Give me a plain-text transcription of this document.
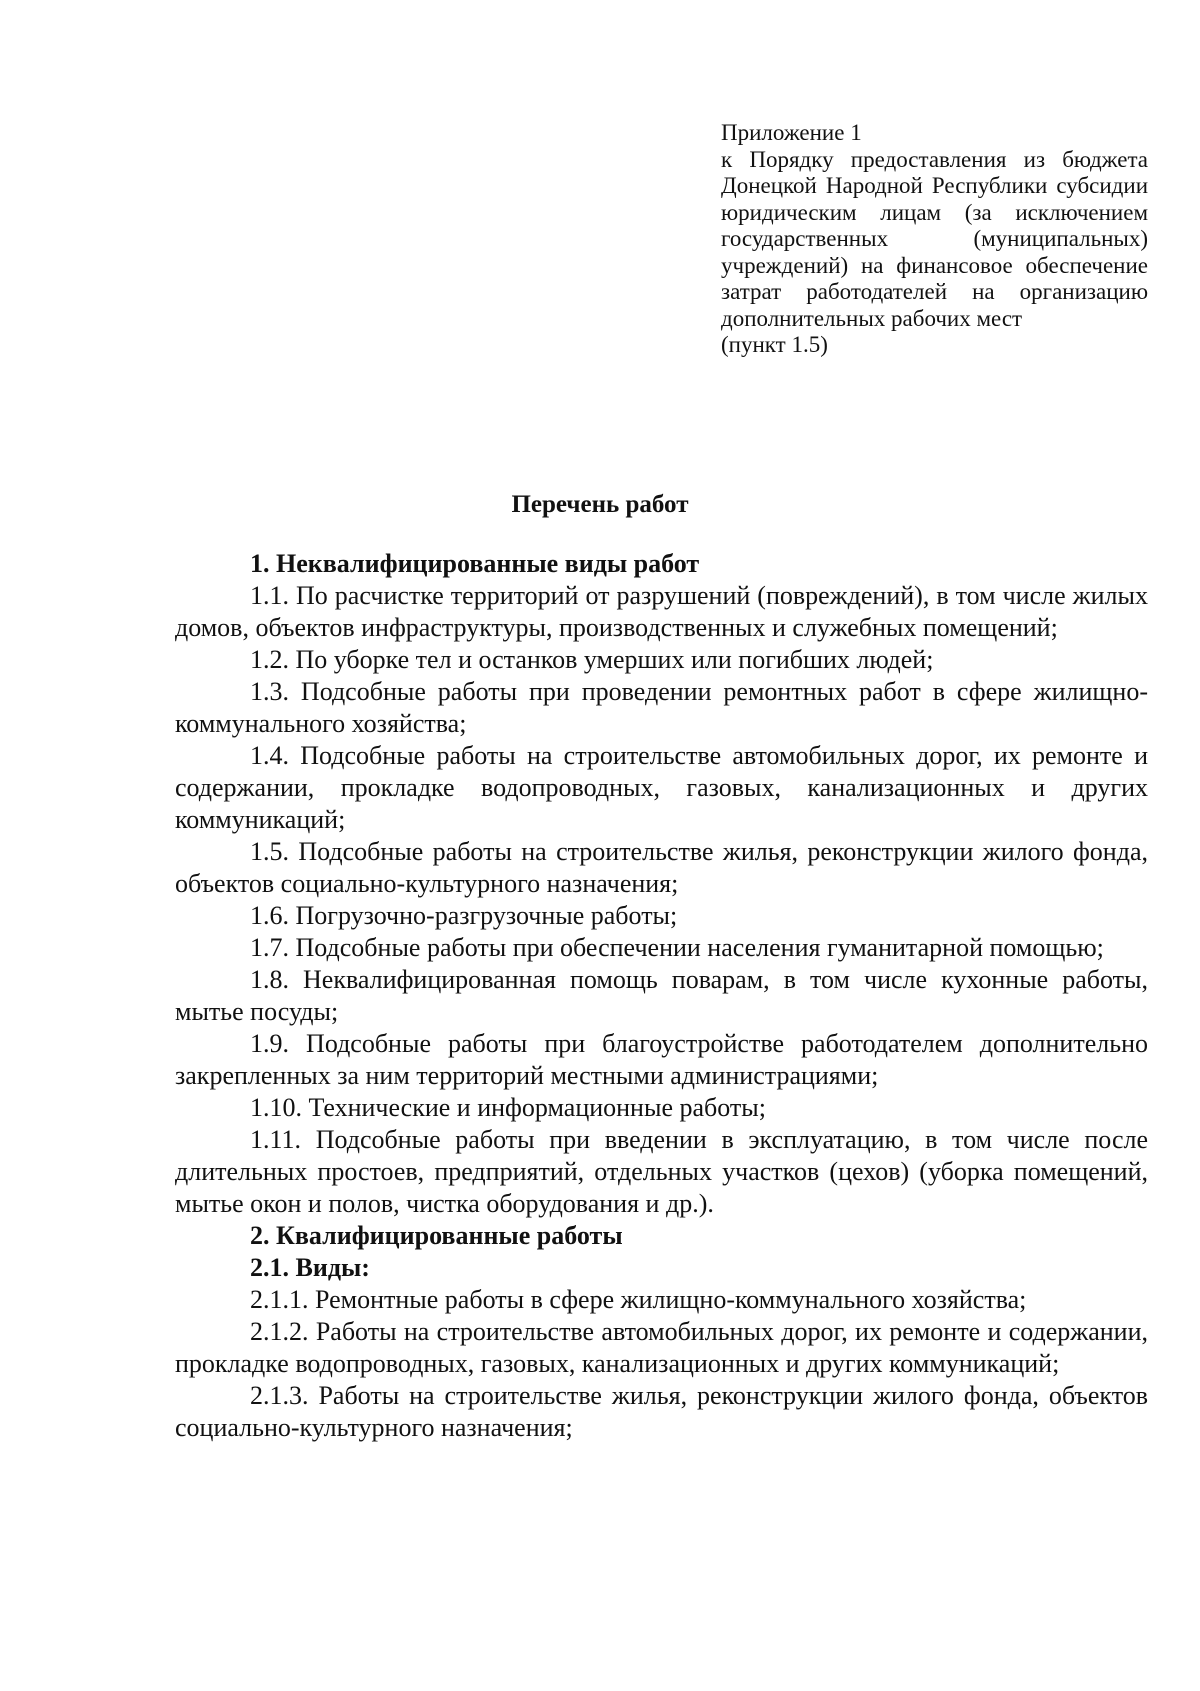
Приложение 1
к Порядку предоставления из бюджета Донецкой Народной Республики субсидии юридическим лицам (за исключением государственных (муниципальных) учреждений) на финансовое обеспечение затрат работодателей на организацию
дополнительных рабочих мест
(пункт 1.5)
Перечень работ

1. Неквалифицированные виды работ

1.1. По расчистке территорий от разрушений (повреждений), в том числе жилых домов, объектов инфраструктуры, производственных и служебных помещений;

1.2. По уборке тел и останков умерших или погибших людей;

1.3. Подсобные работы при проведении ремонтных работ в сфере жилищно-коммунального хозяйства;

1.4. Подсобные работы на строительстве автомобильных дорог, их ремонте и содержании, прокладке водопроводных, газовых, канализационных и других коммуникаций;

1.5. Подсобные работы на строительстве жилья, реконструкции жилого фонда, объектов социально-культурного назначения;

1.6. Погрузочно-разгрузочные работы;

1.7. Подсобные работы при обеспечении населения гуманитарной помощью;

1.8. Неквалифицированная помощь поварам, в том числе кухонные работы, мытье посуды;

1.9. Подсобные работы при благоустройстве работодателем дополнительно закрепленных за ним территорий местными администрациями;

1.10. Технические и информационные работы;

1.11. Подсобные работы при введении в эксплуатацию, в том числе после длительных простоев, предприятий, отдельных участков (цехов) (уборка помещений, мытье окон и полов, чистка оборудования и др.).

2. Квалифицированные работы

2.1. Виды:

2.1.1. Ремонтные работы в сфере жилищно-коммунального хозяйства;

2.1.2. Работы на строительстве автомобильных дорог, их ремонте и содержании, прокладке водопроводных, газовых, канализационных и других коммуникаций;

2.1.3. Работы на строительстве жилья, реконструкции жилого фонда, объектов социально-культурного назначения;
